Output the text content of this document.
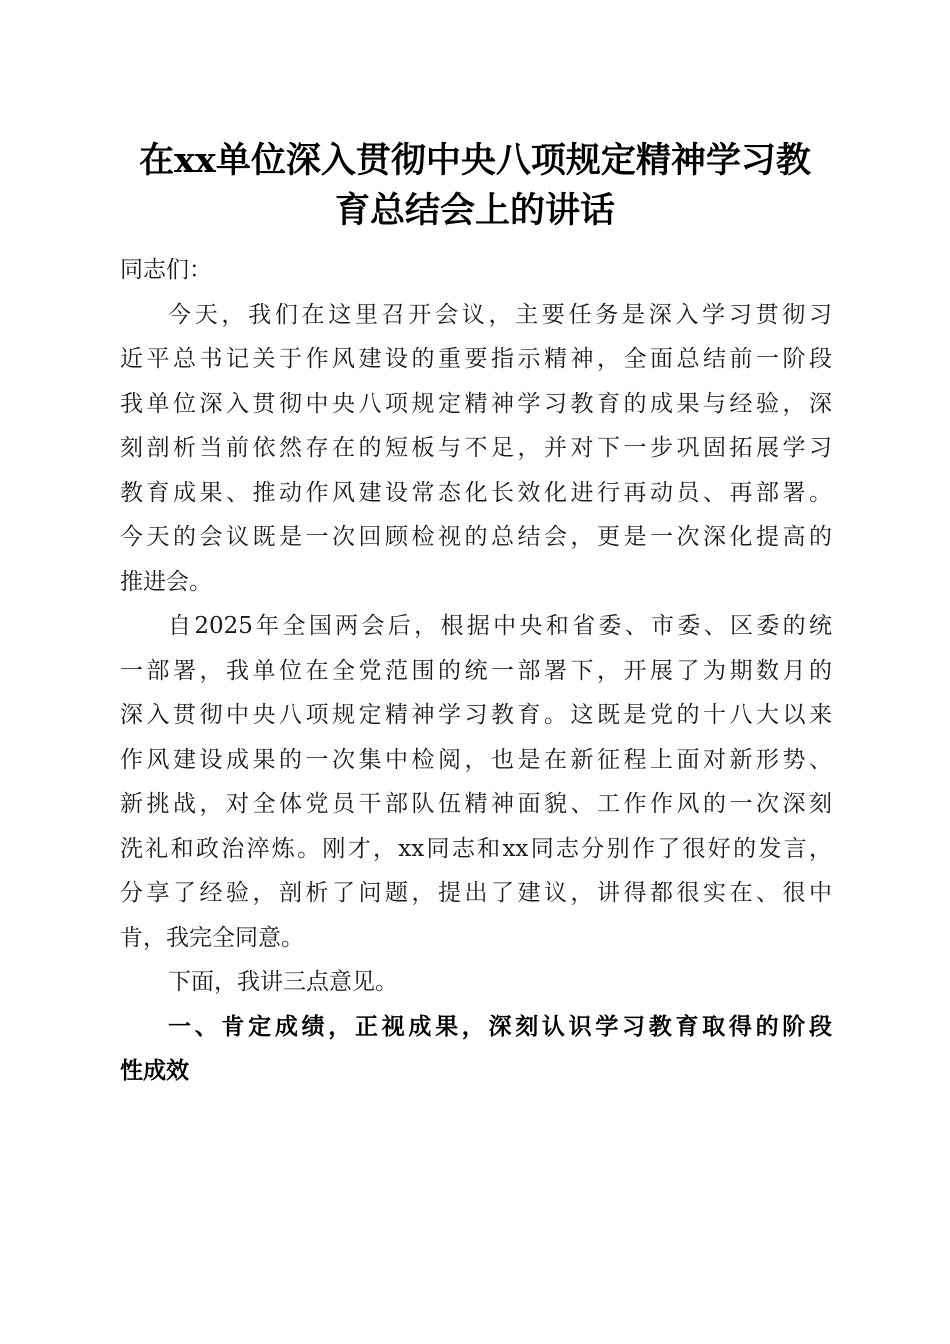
在xx单位深入贯彻中央八项规定精神学习教
育总结会上的讲话
同志们：
今天，我们在这里召开会议，主要任务是深入学习贯彻习
近平总书记关于作风建设的重要指示精神，全面总结前一阶段
我单位深入贯彻中央八项规定精神学习教育的成果与经验，深
刻剖析当前依然存在的短板与不足，并对下一步巩固拓展学习
教育成果、推动作风建设常态化长效化进行再动员、再部署。
今天的会议既是一次回顾检视的总结会，更是一次深化提高的
推进会。
自2025年全国两会后，根据中央和省委、市委、区委的统
一部署，我单位在全党范围的统一部署下，开展了为期数月的
深入贯彻中央八项规定精神学习教育。这既是党的十八大以来
作风建设成果的一次集中检阅，也是在新征程上面对新形势、
新挑战，对全体党员干部队伍精神面貌、工作作风的一次深刻
洗礼和政治淬炼。刚才，xx同志和xx同志分别作了很好的发言，
分享了经验，剖析了问题，提出了建议，讲得都很实在、很中
肯，我完全同意。
下面，我讲三点意见。
一、肯定成绩，正视成果，深刻认识学习教育取得的阶段
性成效
